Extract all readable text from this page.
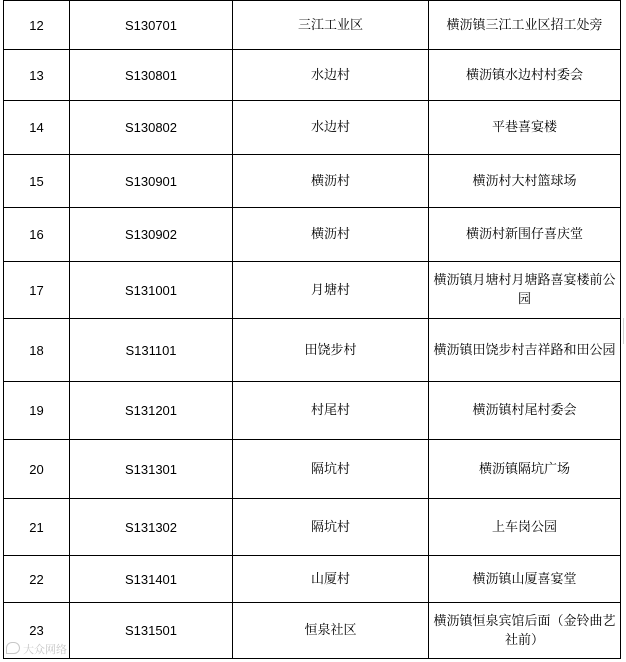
12	S130701	三江工业区	横沥镇三江工业区招工处旁
13	S130801	水边村	横沥镇水边村村委会
14	S130802	水边村	平巷喜宴楼
15	S130901	横沥村	横沥村大村篮球场
16	S130902	横沥村	横沥村新围仔喜庆堂
17	S131001	月塘村	横沥镇月塘村月塘路喜宴楼前公园
18	S131101	田饶步村	横沥镇田饶步村吉祥路和田公园
19	S131201	村尾村	横沥镇村尾村委会
20	S131301	隔坑村	横沥镇隔坑广场
21	S131302	隔坑村	上车岗公园
22	S131401	山厦村	横沥镇山厦喜宴堂
23	S131501	恒泉社区	横沥镇恒泉宾馆后面（金铃曲艺社前）
大众网络
